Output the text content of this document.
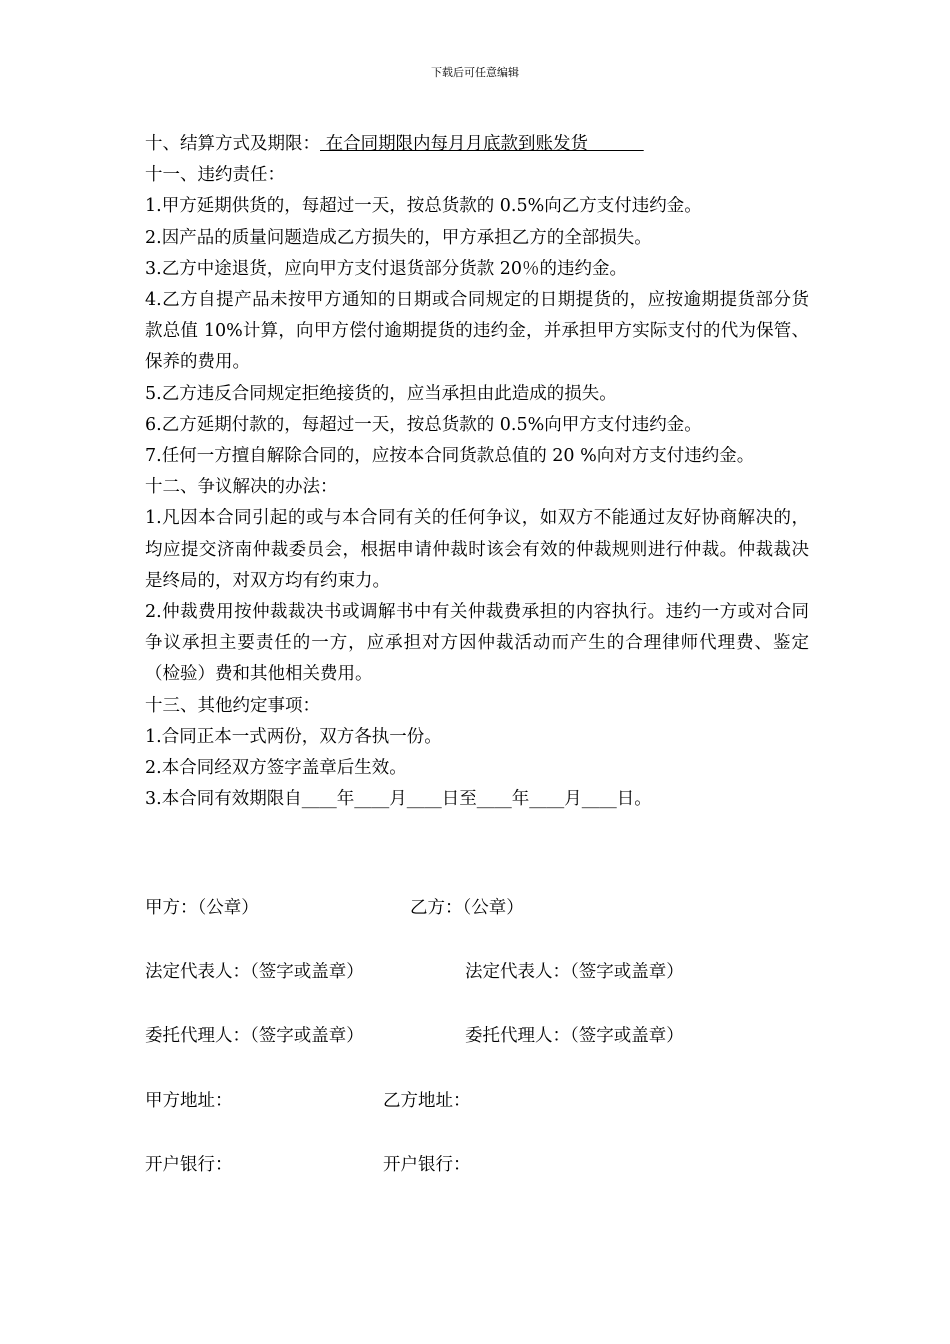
下载后可任意编辑

十、结算方式及期限： 在合同期限内每月月底款到账发货

十一、违约责任：

1.甲方延期供货的，每超过一天，按总货款的 0.5%向乙方支付违约金。

2.因产品的质量问题造成乙方损失的，甲方承担乙方的全部损失。

3.乙方中途退货，应向甲方支付退货部分货款 20％的违约金。

4.乙方自提产品未按甲方通知的日期或合同规定的日期提货的，应按逾期提货部分货款总值 10%计算，向甲方偿付逾期提货的违约金，并承担甲方实际支付的代为保管、保养的费用。

5.乙方违反合同规定拒绝接货的，应当承担由此造成的损失。

6.乙方延期付款的，每超过一天，按总货款的 0.5%向甲方支付违约金。

7.任何一方擅自解除合同的，应按本合同货款总值的 20 %向对方支付违约金。

十二、争议解决的办法：

1.凡因本合同引起的或与本合同有关的任何争议，如双方不能通过友好协商解决的，均应提交济南仲裁委员会，根据申请仲裁时该会有效的仲裁规则进行仲裁。仲裁裁决是终局的，对双方均有约束力。

2.仲裁费用按仲裁裁决书或调解书中有关仲裁费承担的内容执行。违约一方或对合同争议承担主要责任的一方，应承担对方因仲裁活动而产生的合理律师代理费、鉴定（检验）费和其他相关费用。

十三、其他约定事项：

1.合同正本一式两份，双方各执一份。

2.本合同经双方签字盖章后生效。

3.本合同有效期限自____年____月____日至____年____月____日。

甲方：（公章）

	乙方：（公章）

法定代表人：（签字或盖章）

	法定代表人：（签字或盖章）

委托代理人：（签字或盖章）

	委托代理人：（签字或盖章）

甲方地址：

	乙方地址：

开户银行：

	开户银行：
